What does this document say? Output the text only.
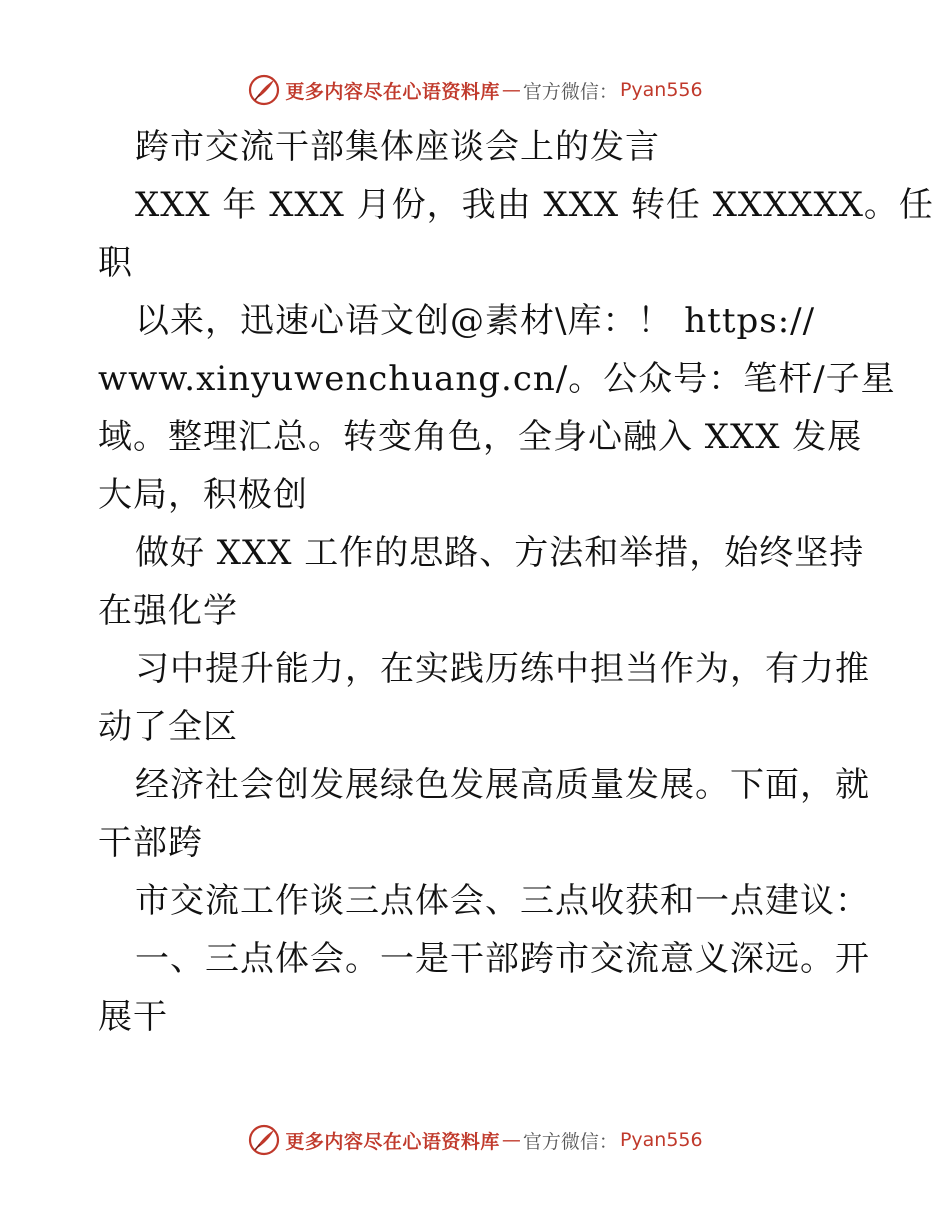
更多内容尽在心语资料库 — 官方微信： Pyan556
跨市交流干部集体座谈会上的发言
XXX 年 XXX 月份，我由 XXX 转任 XXXXXX。任
职
以来，迅速心语文创@素材\库：！ https://
www.xinyuwenchuang.cn/。公众号：笔杆/子星
域。整理汇总。转变角色，全身心融入 XXX 发展
大局，积极创
做好 XXX 工作的思路、方法和举措，始终坚持
在强化学
习中提升能力，在实践历练中担当作为，有力推
动了全区
经济社会创发展绿色发展高质量发展。下面，就
干部跨
市交流工作谈三点体会、三点收获和一点建议：
一、三点体会。一是干部跨市交流意义深远。开
展干
更多内容尽在心语资料库 — 官方微信： Pyan556
